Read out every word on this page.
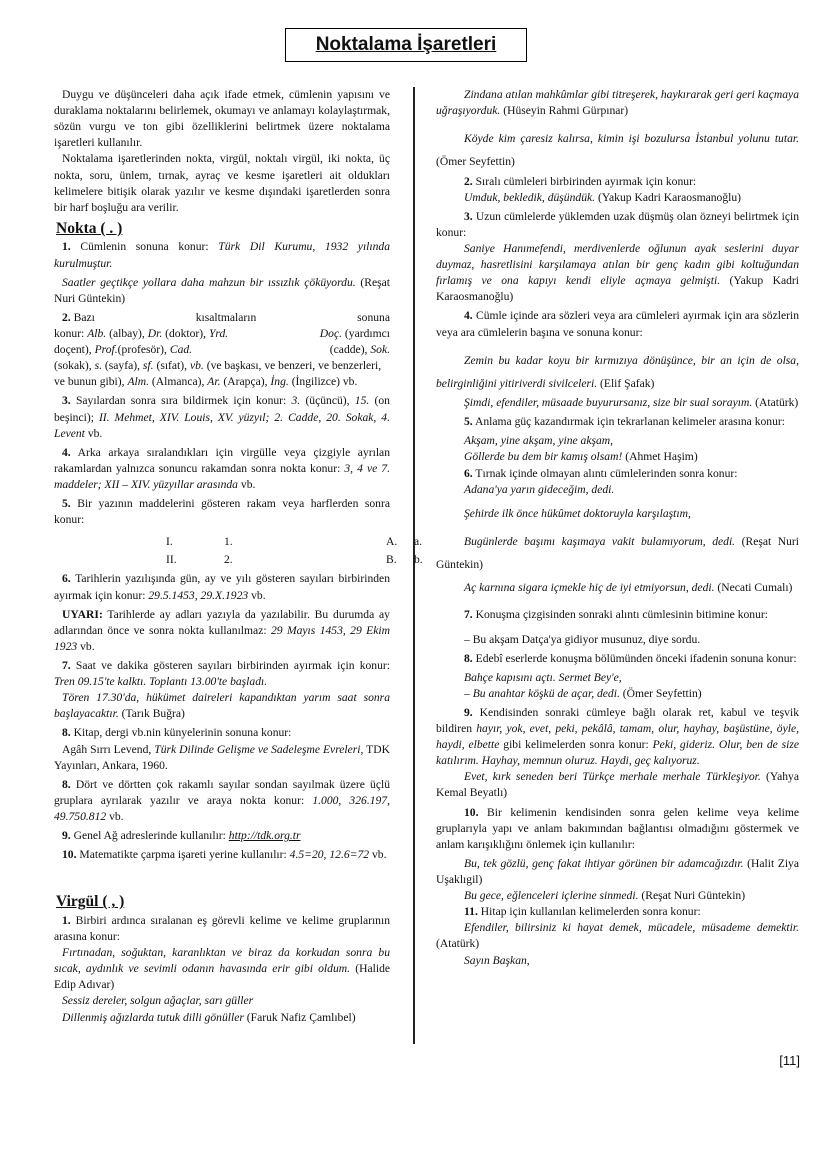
Noktalama İşaretleri

Duygu ve düşünceleri daha açık ifade etmek, cümlenin yapısını ve duraklama noktalarını belirlemek, okumayı ve anlamayı kolaylaştırmak, sözün vurgu ve ton gibi özelliklerini belirtmek üzere noktalama işaretleri kullanılır.

Noktalama işaretlerinden nokta, virgül, noktalı virgül, iki nokta, üç nokta, soru, ünlem, tırnak, ayraç ve kesme işaretleri ait oldukları kelimelere bitişik olarak yazılır ve kesme dışındaki işaretlerden sonra bir harf boşluğu ara verilir.

Nokta ( . )

1. Cümlenin sonuna konur: Türk Dil Kurumu, 1932 yılında kurulmuştur.

Saatler geçtikçe yollara daha mahzun bir ıssızlık çöküyordu. (Reşat Nuri Güntekin)

2. Bazı	kısaltmaların	sonuna
konur: Alb. (albay), Dr. (doktor), Yrd.	Doç. (yardımcı
doçent), Prof.(profesör), Cad.	(cadde), Sok.

(sokak), s. (sayfa), sf. (sıfat), vb. (ve başkası, ve benzeri, ve benzerleri,

ve bunun gibi), Alm. (Almanca), Ar. (Arapça), İng. (İngilizce) vb.

3. Sayılardan sonra sıra bildirmek için konur: 3. (üçüncü), 15. (on beşinci); II. Mehmet, XIV. Louis, XV. yüzyıl; 2. Cadde, 20. Sokak, 4. Levent vb.

4. Arka arkaya sıralandıkları için virgülle veya çizgiyle ayrılan rakamlardan yalnızca sonuncu rakamdan sonra nokta konur: 3, 4 ve 7. maddeler; XII – XIV. yüzyıllar arasında vb.

5. Bir yazının maddelerini gösteren rakam veya harflerden sonra konur:

I.	1.	A.	a.
II.	2.	B.	b.

6. Tarihlerin yazılışında gün, ay ve yılı gösteren sayıları birbirinden ayırmak için konur: 29.5.1453, 29.X.1923 vb.

UYARI: Tarihlerde ay adları yazıyla da yazılabilir. Bu durumda ay adlarından önce ve sonra nokta kullanılmaz: 29 Mayıs 1453, 29 Ekim 1923 vb.

7. Saat ve dakika gösteren sayıları birbirinden ayırmak için konur: Tren 09.15'te kalktı. Toplantı 13.00'te başladı.

Tören 17.30'da, hükümet daireleri kapandıktan yarım saat sonra başlayacaktır. (Tarık Buğra)

8. Kitap, dergi vb.nin künyelerinin sonuna konur:

Agâh Sırrı Levend, Türk Dilinde Gelişme ve Sadeleşme Evreleri, TDK Yayınları, Ankara, 1960.

8. Dört ve dörtten çok rakamlı sayılar sondan sayılmak üzere üçlü gruplara ayrılarak yazılır ve araya nokta konur: 1.000, 326.197, 49.750.812 vb.

9. Genel Ağ adreslerinde kullanılır: http://tdk.org.tr

10. Matematikte çarpma işareti yerine kullanılır: 4.5=20, 12.6=72 vb.

Virgül ( , )

1. Birbiri ardınca sıralanan eş görevli kelime ve kelime gruplarının arasına konur:

Fırtınadan, soğuktan, karanlıktan ve biraz da korkudan sonra bu sıcak, aydınlık ve sevimli odanın havasında erir gibi oldum. (Halide Edip Adıvar)

Sessiz dereler, solgun ağaçlar, sarı güller

Dillenmiş ağızlarda tutuk dilli gönüller (Faruk Nafiz Çamlıbel)

Zindana atılan mahkûmlar gibi titreşerek, haykırarak geri geri kaçmaya uğraşıyorduk. (Hüseyin Rahmi Gürpınar)

Köyde kim çaresiz kalırsa, kimin işi bozulursa İstanbul yolunu tutar. (Ömer Seyfettin)

2. Sıralı cümleleri birbirinden ayırmak için konur:

Umduk, bekledik, düşündük. (Yakup Kadri Karaosmanoğlu)

3. Uzun cümlelerde yüklemden uzak düşmüş olan özneyi belirtmek için konur:

Saniye Hanımefendi, merdivenlerde oğlunun ayak seslerini duyar duymaz, hasretlisini karşılamaya atılan bir genç kadın gibi koltuğundan fırlamış ve ona kapıyı kendi eliyle açmaya gelmişti. (Yakup Kadri Karaosmanoğlu)

4. Cümle içinde ara sözleri veya ara cümleleri ayırmak için ara sözlerin veya ara cümlelerin başına ve sonuna konur:

Zemin bu kadar koyu bir kırmızıya dönüşünce, bir an için de olsa, belirginliğini yitiriverdi sivilceleri. (Elif Şafak)

Şimdi, efendiler, müsaade buyurursanız, size bir sual sorayım. (Atatürk)

5. Anlama güç kazandırmak için tekrarlanan kelimeler arasına konur:

Akşam, yine akşam, yine akşam,

Göllerde bu dem bir kamış olsam! (Ahmet Haşim)

6. Tırnak içinde olmayan alıntı cümlelerinden sonra konur:

Adana'ya yarın gideceğim, dedi.

Şehirde ilk önce hükûmet doktoruyla karşılaştım,

Bugünlerde başımı kaşımaya vakit bulamıyorum, dedi. (Reşat Nuri Güntekin)

Aç karnına sigara içmekle hiç de iyi etmiyorsun, dedi. (Necati Cumalı)

7. Konuşma çizgisinden sonraki alıntı cümlesinin bitimine konur:

– Bu akşam Datça'ya gidiyor musunuz, diye sordu.

8. Edebî eserlerde konuşma bölümünden önceki ifadenin sonuna konur:

Bahçe kapısını açtı. Sermet Bey'e,

– Bu anahtar köşkü de açar, dedi. (Ömer Seyfettin)

9. Kendisinden sonraki cümleye bağlı olarak ret, kabul ve teşvik bildiren hayır, yok, evet, peki, pekâlâ, tamam, olur, hayhay, başüstüne, öyle, haydi, elbette gibi kelimelerden sonra konur: Peki, gideriz. Olur, ben de size katılırım. Hayhay, memnun oluruz. Haydi, geç kalıyoruz.

Evet, kırk seneden beri Türkçe merhale merhale Türkleşiyor. (Yahya Kemal Beyatlı)

10. Bir kelimenin kendisinden sonra gelen kelime veya kelime gruplarıyla yapı ve anlam bakımından bağlantısı olmadığını göstermek ve anlam karışıklığını önlemek için kullanılır:

Bu, tek gözlü, genç fakat ihtiyar görünen bir adamcağızdır. (Halit Ziya Uşaklıgil)

Bu gece, eğlenceleri içlerine sinmedi. (Reşat Nuri Güntekin)

11. Hitap için kullanılan kelimelerden sonra konur:

Efendiler, bilirsiniz ki hayat demek, mücadele, müsademe demektir. (Atatürk)

Sayın Başkan,

[11]
